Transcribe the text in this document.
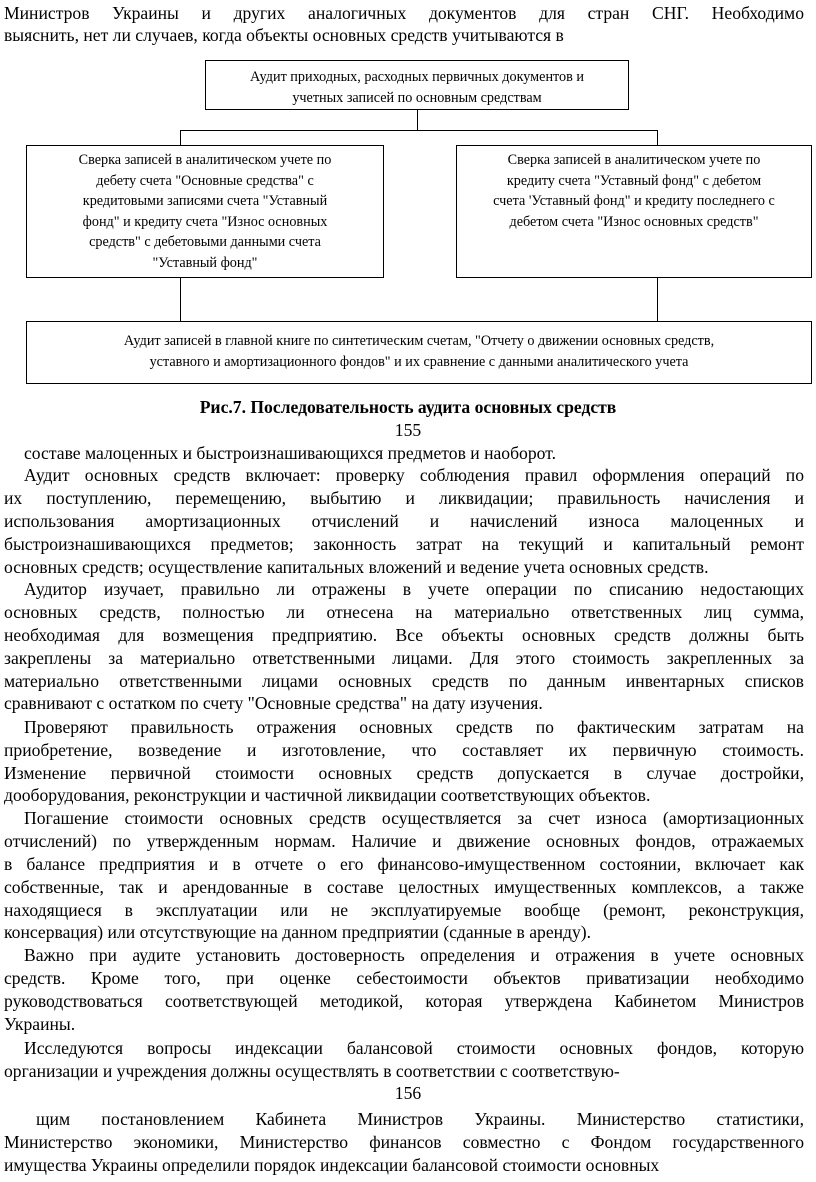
Министров Украины и других аналогичных документов для стран СНГ. Необходимо
выяснить, нет ли случаев, когда объекты основных средств учитываются в
Аудит приходных, расходных первичных документов и
учетных записей по основным средствам
Сверка записей в аналитическом учете по
дебету счета "Основные средства" с
кредитовыми записями счета "Уставный
фонд" и кредиту счета "Износ основных
средств" с дебетовыми данными счета
"Уставный фонд"
Сверка записей в аналитическом учете по
кредиту счета "Уставный фонд" с дебетом
счета 'Уставный фонд" и кредиту последнего с
дебетом счета "Износ основных средств"
Аудит записей в главной книге по синтетическим счетам, "Отчету о движении основных средств,
уставного и амортизационного фондов" и их сравнение с данными аналитического учета
Рис.7. Последовательность аудита основных средств
155
составе малоценных и быстроизнашивающихся предметов и наоборот.
Аудит основных средств включает: проверку соблюдения правил оформления операций по
их поступлению, перемещению, выбытию и ликвидации; правильность начисления и
использования амортизационных отчислений и начислений износа малоценных и
быстроизнашивающихся предметов; законность затрат на текущий и капитальный ремонт
основных средств; осуществление капитальных вложений и ведение учета основных средств.
Аудитор изучает, правильно ли отражены в учете операции по списанию недостающих
основных средств, полностью ли отнесена на материально ответственных лиц сумма,
необходимая для возмещения предприятию. Все объекты основных средств должны быть
закреплены за материально ответственными лицами. Для этого стоимость закрепленных за
материально ответственными лицами основных средств по данным инвентарных списков
сравнивают с остатком по счету "Основные средства" на дату изучения.
Проверяют правильность отражения основных средств по фактическим затратам на
приобретение, возведение и изготовление, что составляет их первичную стоимость.
Изменение первичной стоимости основных средств допускается в случае достройки,
дооборудования, реконструкции и частичной ликвидации соответствующих объектов.
Погашение стоимости основных средств осуществляется за счет износа (амортизационных
отчислений) по утвержденным нормам. Наличие и движение основных фондов, отражаемых
в балансе предприятия и в отчете о его финансово-имущественном состоянии, включает как
собственные, так и арендованные в составе целостных имущественных комплексов, а также
находящиеся в эксплуатации или не эксплуатируемые вообще (ремонт, реконструкция,
консервация) или отсутствующие на данном предприятии (сданные в аренду).
Важно при аудите установить достоверность определения и отражения в учете основных
средств. Кроме того, при оценке себестоимости объектов приватизации необходимо
руководствоваться соответствующей методикой, которая утверждена Кабинетом Министров
Украины.
Исследуются вопросы индексации балансовой стоимости основных фондов, которую
организации и учреждения должны осуществлять в соответствии с соответствую-
156
щим постановлением Кабинета Министров Украины. Министерство статистики,
Министерство экономики, Министерство финансов совместно с Фондом государственного
имущества Украины определили порядок индексации балансовой стоимости основных
